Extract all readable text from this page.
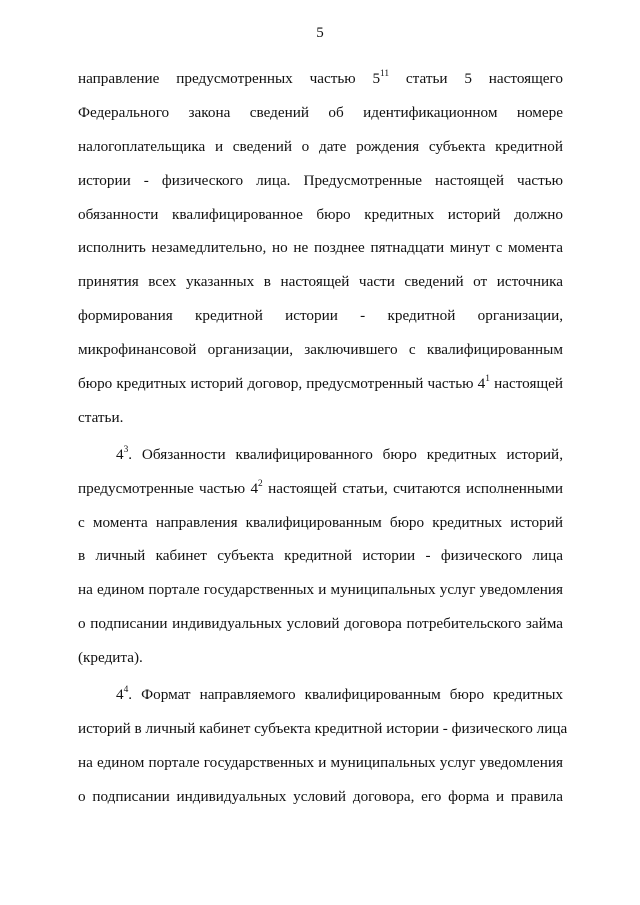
5
направление предусмотренных частью $5^{11}$ статьи 5 настоящего
Федерального закона сведений об идентификационном номере
налогоплательщика и сведений о дате рождения субъекта кредитной
истории - физического лица. Предусмотренные настоящей частью
обязанности квалифицированное бюро кредитных историй должно
исполнить незамедлительно, но не позднее пятнадцати минут с момента
принятия всех указанных в настоящей части сведений от источника
формирования кредитной истории - кредитной организации,
микрофинансовой организации, заключившего с квалифицированным
бюро кредитных историй договор, предусмотренный частью $4^1$ настоящей
статьи.
$4^3$. Обязанности квалифицированного бюро кредитных историй,
предусмотренные частью $4^2$ настоящей статьи, считаются исполненными
с момента направления квалифицированным бюро кредитных историй
в личный кабинет субъекта кредитной истории - физического лица
на едином портале государственных и муниципальных услуг уведомления
о подписании индивидуальных условий договора потребительского займа
(кредита).
$4^4$. Формат направляемого квалифицированным бюро кредитных
историй в личный кабинет субъекта кредитной истории - физического лица
на едином портале государственных и муниципальных услуг уведомления
о подписании индивидуальных условий договора, его форма и правила
